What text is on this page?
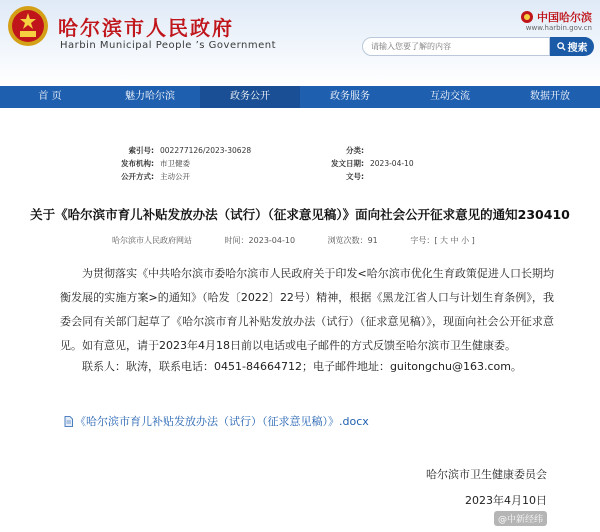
哈尔滨市人民政府
Harbin Municipal People ’s Government
中国哈尔滨
www.harbin.gov.cn
请输入您要了解的内容
搜索
首 页	魅力哈尔滨	政务公开	政务服务	互动交流	数据开放
索引号: 002277126/2023-30628
发布机构: 市卫健委
公开方式: 主动公开
分类:
发文日期: 2023-04-10
文号:
关于《哈尔滨市育儿补贴发放办法（试行）（征求意见稿）》面向社会公开征求意见的通知230410
哈尔滨市人民政府网站	时间：2023-04-10	浏览次数：91	字号：[ 大 中 小 ]
为贯彻落实《中共哈尔滨市委哈尔滨市人民政府关于印发<哈尔滨市优化生育政策促进人口长期均衡发展的实施方案>的通知》（哈发〔2022〕22号）精神，根据《黑龙江省人口与计划生育条例》，我委会同有关部门起草了《哈尔滨市育儿补贴发放办法（试行）（征求意见稿）》，现面向社会公开征求意见。如有意见，请于2023年4月18日前以电话或电子邮件的方式反馈至哈尔滨市卫生健康委。
联系人：耿涛，联系电话：0451-84664712；电子邮件地址：guitongchu@163.com。
《哈尔滨市育儿补贴发放办法（试行）（征求意见稿）》.docx
哈尔滨市卫生健康委员会
2023年4月10日
@中新经纬
